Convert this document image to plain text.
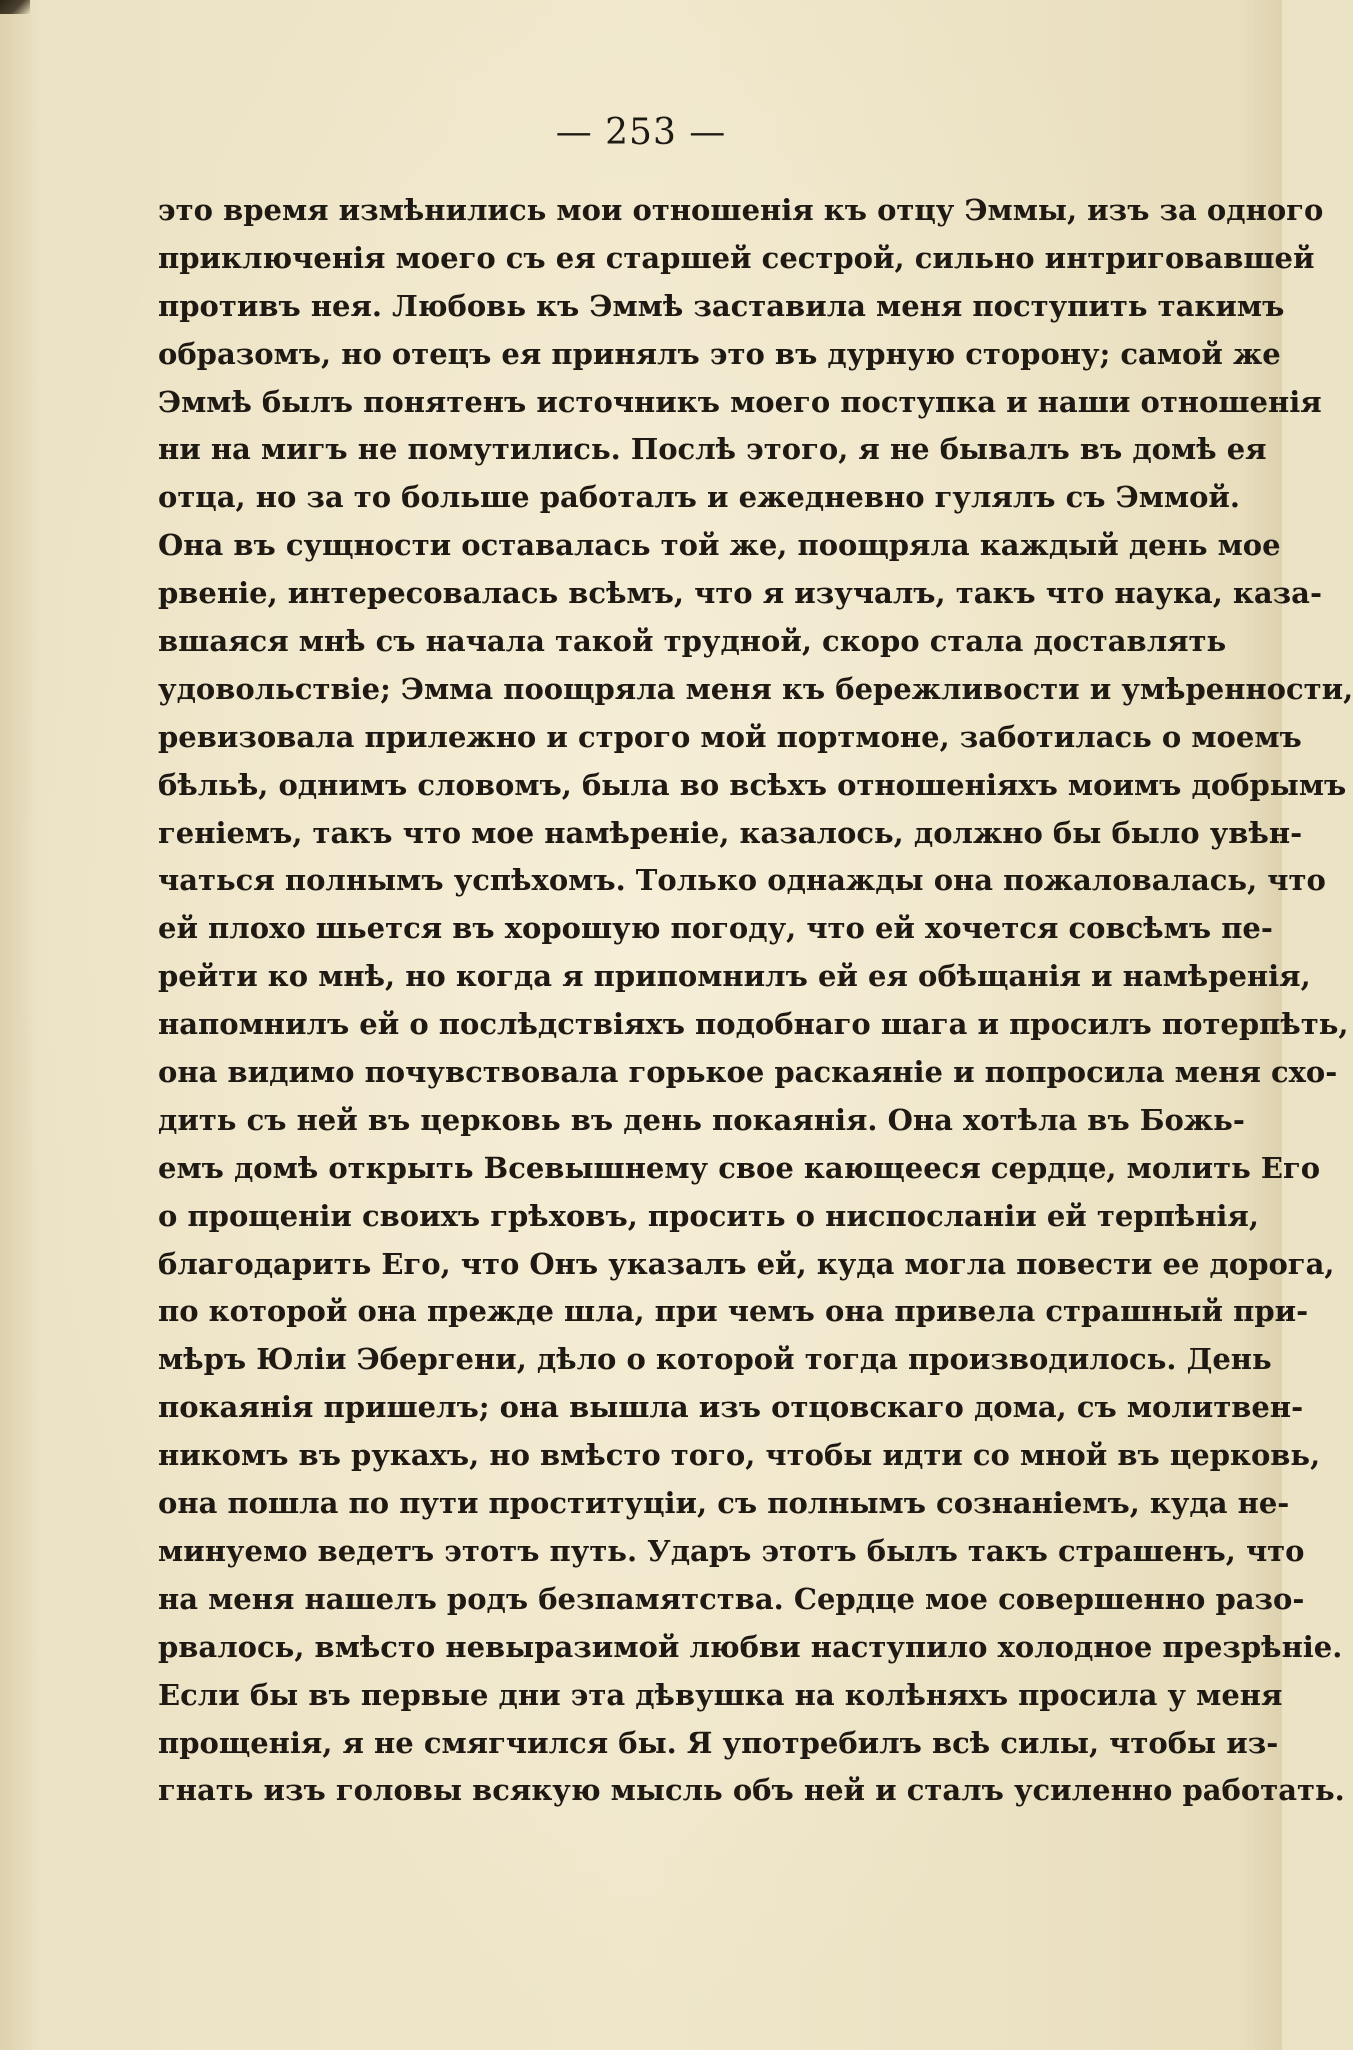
— 253 —
это время измѣнились мои отношенія къ отцу Эммы, изъ за одного
приключенія моего съ ея старшей сестрой, сильно интриговавшей
противъ нея. Любовь къ Эммѣ заставила меня поступить такимъ
образомъ, но отецъ ея принялъ это въ дурную сторону; самой же
Эммѣ былъ понятенъ источникъ моего поступка и наши отношенія
ни на мигъ не помутились. Послѣ этого, я не бывалъ въ домѣ ея
отца, но за то больше работалъ и ежедневно гулялъ съ Эммой.
Она въ сущности оставалась той же, поощряла каждый день мое
рвеніе, интересовалась всѣмъ, что я изучалъ, такъ что наука, каза-
вшаяся мнѣ съ начала такой трудной, скоро стала доставлять
удовольствіе; Эмма поощряла меня къ бережливости и умѣренности,
ревизовала прилежно и строго мой портмоне, заботилась о моемъ
бѣльѣ, однимъ словомъ, была во всѣхъ отношеніяхъ моимъ добрымъ
геніемъ, такъ что мое намѣреніе, казалось, должно бы было увѣн-
чаться полнымъ успѣхомъ. Только однажды она пожаловалась, что
ей плохо шьется въ хорошую погоду, что ей хочется совсѣмъ пе-
рейти ко мнѣ, но когда я припомнилъ ей ея обѣщанія и намѣренія,
напомнилъ ей о послѣдствіяхъ подобнаго шага и просилъ потерпѣть,
она видимо почувствовала горькое раскаяніе и попросила меня схо-
дить съ ней въ церковь въ день покаянія. Она хотѣла въ Божь-
емъ домѣ открыть Всевышнему свое кающееся сердце, молить Его
о прощеніи своихъ грѣховъ, просить о ниспосланіи ей терпѣнія,
благодарить Его, что Онъ указалъ ей, куда могла повести ее дорога,
по которой она прежде шла, при чемъ она привела страшный при-
мѣръ Юліи Эбергени, дѣло о которой тогда производилось. День
покаянія пришелъ; она вышла изъ отцовскаго дома, съ молитвен-
никомъ въ рукахъ, но вмѣсто того, чтобы идти со мной въ церковь,
она пошла по пути проституціи, съ полнымъ сознаніемъ, куда не-
минуемо ведетъ этотъ путь. Ударъ этотъ былъ такъ страшенъ, что
на меня нашелъ родъ безпамятства. Сердце мое совершенно разо-
рвалось, вмѣсто невыразимой любви наступило холодное презрѣніе.
Если бы въ первые дни эта дѣвушка на колѣняхъ просила у меня
прощенія, я не смягчился бы. Я употребилъ всѣ силы, чтобы из-
гнать изъ головы всякую мысль объ ней и сталъ усиленно работать.
